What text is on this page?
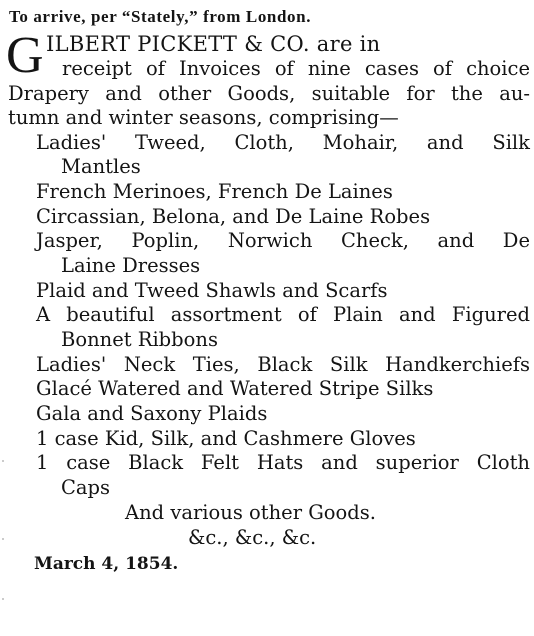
To arrive, per “Stately,” from London.
G ILBERT PICKETT & CO. are in
receipt of Invoices of nine cases of choice
Drapery and other Goods, suitable for the au-
tumn and winter seasons, comprising—
Ladies' Tweed, Cloth, Mohair, and Silk
Mantles
French Merinoes, French De Laines
Circassian, Belona, and De Laine Robes
Jasper, Poplin, Norwich Check, and De
Laine Dresses
Plaid and Tweed Shawls and Scarfs
A beautiful assortment of Plain and Figured
Bonnet Ribbons
Ladies' Neck Ties, Black Silk Handkerchiefs
Glacé Watered and Watered Stripe Silks
Gala and Saxony Plaids
1 case Kid, Silk, and Cashmere Gloves
1 case Black Felt Hats and superior Cloth
Caps
And various other Goods.
&c., &c., &c.
March 4, 1854.
